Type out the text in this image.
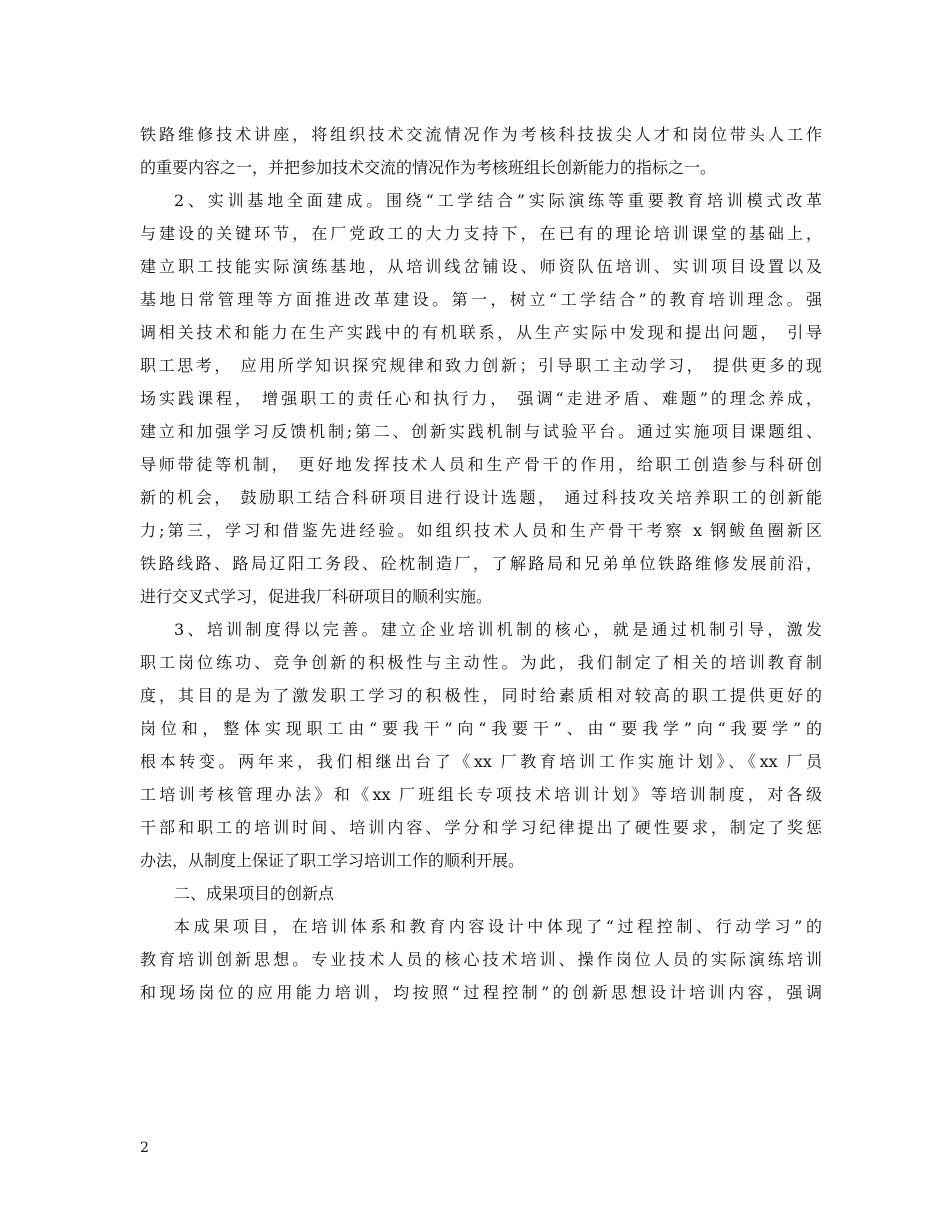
铁路维修技术讲座，将组织技术交流情况作为考核科技拔尖人才和岗位带头人工作
的重要内容之一，并把参加技术交流的情况作为考核班组长创新能力的指标之一。
2、实训基地全面建成。围绕“工学结合”实际演练等重要教育培训模式改革
与建设的关键环节，在厂党政工的大力支持下，在已有的理论培训课堂的基础上，
建立职工技能实际演练基地，从培训线岔铺设、师资队伍培训、实训项目设置以及
基地日常管理等方面推进改革建设。第一，树立“工学结合”的教育培训理念。强
调相关技术和能力在生产实践中的有机联系，从生产实际中发现和提出问题， 引导
职工思考， 应用所学知识探究规律和致力创新；引导职工主动学习， 提供更多的现
场实践课程， 增强职工的责任心和执行力， 强调“走进矛盾、难题”的理念养成，
建立和加强学习反馈机制;第二、创新实践机制与试验平台。通过实施项目课题组、
导师带徒等机制， 更好地发挥技术人员和生产骨干的作用，给职工创造参与科研创
新的机会， 鼓励职工结合科研项目进行设计选题， 通过科技攻关培养职工的创新能
力;第三，学习和借鉴先进经验。如组织技术人员和生产骨干考察 x 钢鲅鱼圈新区
铁路线路、路局辽阳工务段、砼枕制造厂，了解路局和兄弟单位铁路维修发展前沿，
进行交叉式学习，促进我厂科研项目的顺利实施。
3、培训制度得以完善。建立企业培训机制的核心，就是通过机制引导，激发
职工岗位练功、竞争创新的积极性与主动性。为此，我们制定了相关的培训教育制
度，其目的是为了激发职工学习的积极性，同时给素质相对较高的职工提供更好的
岗位和，整体实现职工由“要我干”向“我要干”、由“要我学”向“我要学”的
根本转变。两年来，我们相继出台了《xx 厂教育培训工作实施计划》、《xx 厂员
工培训考核管理办法》和《xx 厂班组长专项技术培训计划》等培训制度，对各级
干部和职工的培训时间、培训内容、学分和学习纪律提出了硬性要求，制定了奖惩
办法，从制度上保证了职工学习培训工作的顺利开展。
二、成果项目的创新点
本成果项目，在培训体系和教育内容设计中体现了“过程控制、行动学习”的
教育培训创新思想。专业技术人员的核心技术培训、操作岗位人员的实际演练培训
和现场岗位的应用能力培训，均按照“过程控制”的创新思想设计培训内容，强调
2
